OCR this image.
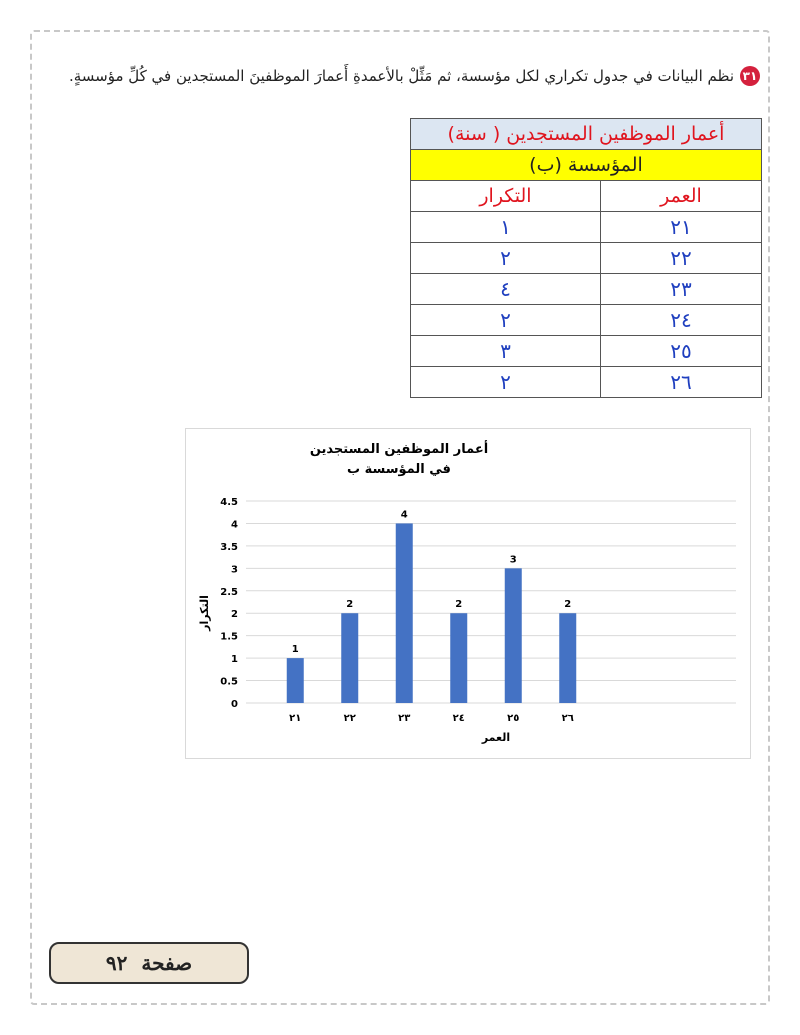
٣١
نظم البيانات في جدول تكراري لكل مؤسسة، ثم مَثِّلْ بالأعمدةِ أَعمارَ الموظفينَ المستجدين في كُلِّ مؤسسةٍ.
أعمار الموظفين المستجدين ( سنة)	
المؤسسة (ب)	
العمر	التكرار
٢١	١
٢٢	٢
٢٣	٤
٢٤	٢
٢٥	٣
٢٦	٢
أعمار الموظفين المستجدين
في المؤسسة ب
0
0.5
1
1.5
2
2.5
3
3.5
4
4.5
1
٢١
2
٢٢
4
٢٣
2
٢٤
3
٢٥
2
٢٦
العمر
التكرار
صفحة
٩٢
